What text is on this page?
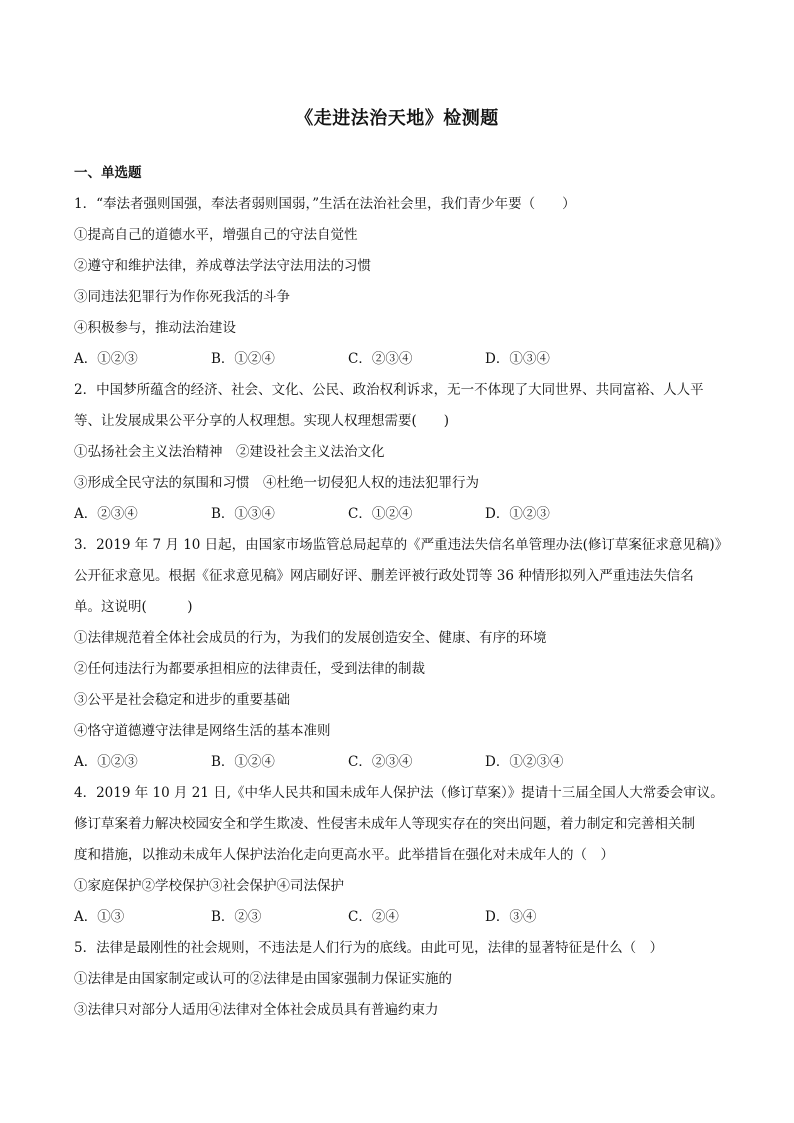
《走进法治天地》检测题
一、单选题
1．“奉法者强则国强，奉法者弱则国弱，”生活在法治社会里，我们青少年要（　　）
①提高自己的道德水平，增强自己的守法自觉性
②遵守和维护法律，养成尊法学法守法用法的习惯
③同违法犯罪行为作你死我活的斗争
④积极参与，推动法治建设
A．①②③	B．①②④	C．②③④	D．①③④
2．中国梦所蕴含的经济、社会、文化、公民、政治权利诉求，无一不体现了大同世界、共同富裕、人人平
等、让发展成果公平分享的人权理想。实现人权理想需要(　　)
①弘扬社会主义法治精神　②建设社会主义法治文化
③形成全民守法的氛围和习惯　④杜绝一切侵犯人权的违法犯罪行为
A．②③④	B．①③④	C．①②④	D．①②③
3．2019 年 7 月 10 日起，由国家市场监管总局起草的《严重违法失信名单管理办法(修订草案征求意见稿)》
公开征求意见。根据《征求意见稿》网店刷好评、删差评被行政处罚等 36 种情形拟列入严重违法失信名
单。这说明(　　　)
①法律规范着全体社会成员的行为，为我们的发展创造安全、健康、有序的环境
②任何违法行为都要承担相应的法律责任，受到法律的制裁
③公平是社会稳定和进步的重要基础
④恪守道德遵守法律是网络生活的基本准则
A．①②③	B．①②④	C．②③④	D．①②③④
4．2019 年 10 月 21 日,《中华人民共和国未成年人保护法（修订草案）》提请十三届全国人大常委会审议。
修订草案着力解决校园安全和学生欺凌、性侵害未成年人等现实存在的突出问题，着力制定和完善相关制
度和措施，以推动未成年人保护法治化走向更高水平。此举措旨在强化对未成年人的（　）
①家庭保护②学校保护③社会保护④司法保护
A．①③	B．②③	C．②④	D．③④
5．法律是最刚性的社会规则，不违法是人们行为的底线。由此可见，法律的显著特征是什么（　）
①法律是由国家制定或认可的②法律是由国家强制力保证实施的
③法律只对部分人适用④法律对全体社会成员具有普遍约束力
